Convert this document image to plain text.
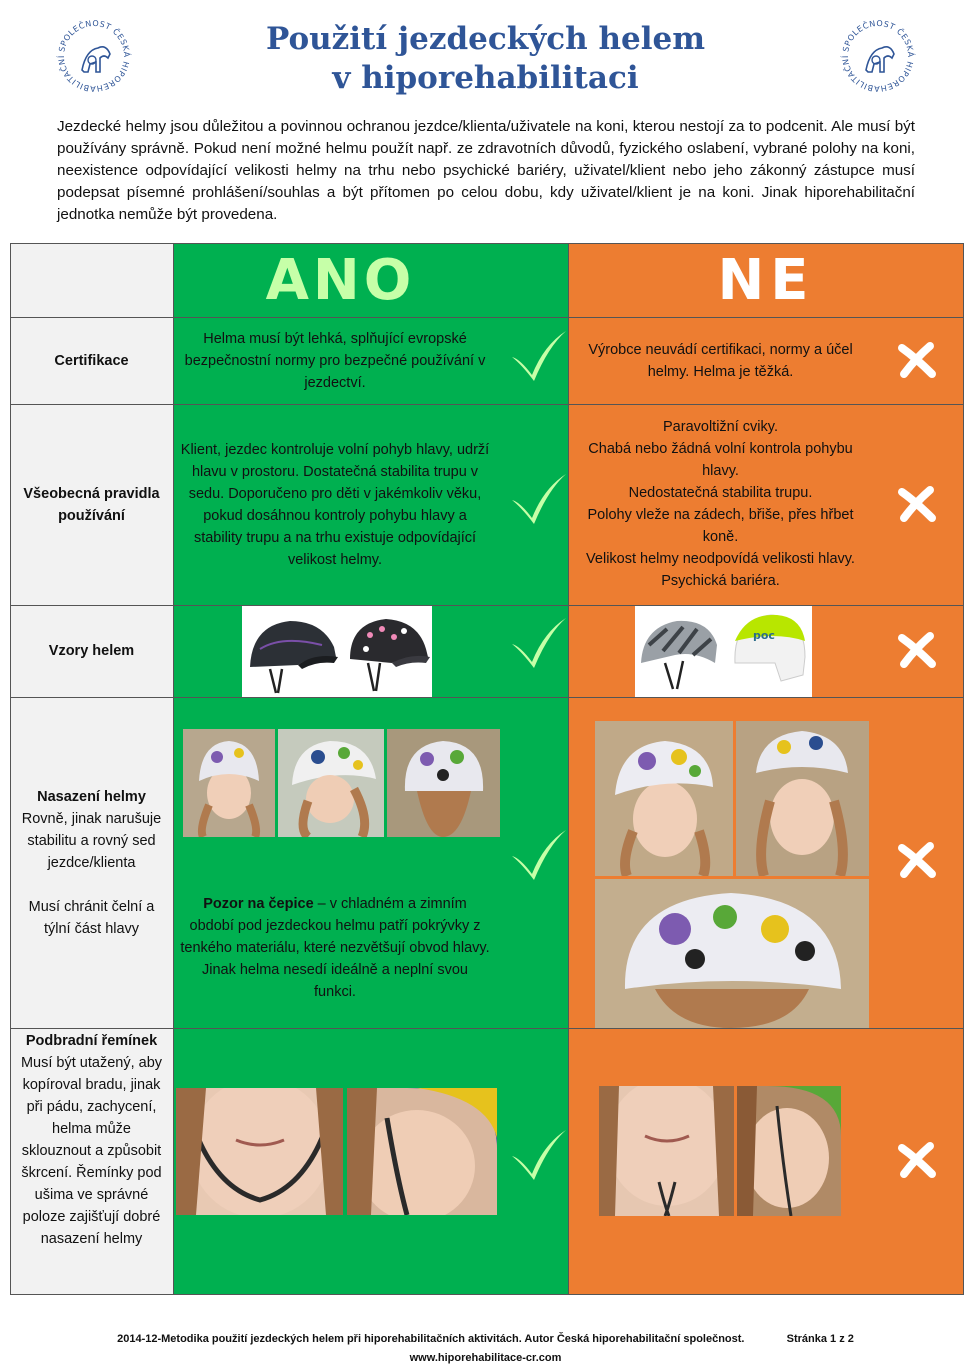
SPOLEČNOST ČESKÁ HIPOREHABILITAČNÍ
SPOLEČNOST ČESKÁ HIPOREHABILITAČNÍ
Použití jezdeckých helem
v hiporehabilitaci
Jezdecké helmy jsou důležitou a povinnou ochranou jezdce/klienta/uživatele na koni, kterou nestojí za to podcenit. Ale musí být používány správně. Pokud není možné helmu použít např. ze zdravotních důvodů, fyzického oslabení, vybrané polohy na koni, neexistence odpovídající velikosti helmy na trhu nebo psychické bariéry, uživatel/klient nebo jeho zákonný zástupce musí podepsat písemné prohlášení/souhlas a být přítomen po celou dobu, kdy uživatel/klient je na koni. Jinak hiporehabilitační jednotka nemůže být provedena.
Certifikace
Všeobecná pravidla používání
Vzory helem
Nasazení helmy
Rovně, jinak narušuje stabilitu a rovný sed jezdce/klienta
Musí chránit čelní a týlní část hlavy
Podbradní řemínek
Musí být utažený, aby kopíroval bradu, jinak při pádu, zachycení, helma může sklouznout a způsobit škrcení. Řemínky pod ušima ve správné poloze zajišťují dobré nasazení helmy
ANO	NE
Helma musí být lehká, splňující evropské bezpečnostní normy pro bezpečné používání v jezdectví.
Výrobce neuvádí certifikaci, normy a účel helmy. Helma je těžká.
Klient, jezdec kontroluje volní pohyb hlavy, udrží hlavu v prostoru. Dostatečná stabilita trupu v sedu. Doporučeno pro děti v jakémkoliv věku, pokud dosáhnou kontroly pohybu hlavy a stability trupu a na trhu existuje odpovídající velikost helmy.
Paravoltižní cviky.
Chabá nebo žádná volní kontrola pohybu hlavy.
Nedostatečná stabilita trupu.
Polohy vleže na zádech, břiše, přes hřbet koně.
Velikost helmy neodpovídá velikosti hlavy.
Psychická bariéra.
Pozor na čepice – v chladném a zimním období pod jezdeckou helmu patří pokrývky z tenkého materiálu, které nezvětšují obvod hlavy. Jinak helma nesedí ideálně a neplní svou funkci.
poc
2014-12-Metodika použití jezdeckých helem při hiporehabilitačních aktivitách. Autor Česká hiporehabilitační společnost.	Stránka 1 z 2
www.hiporehabilitace-cr.com
